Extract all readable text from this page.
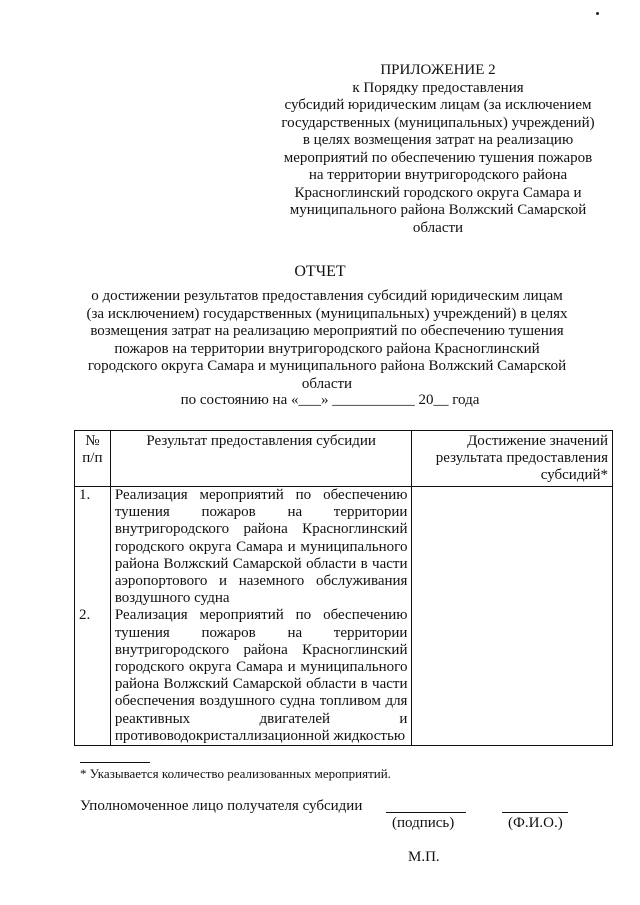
ПРИЛОЖЕНИЕ 2
к Порядку предоставления
субсидий юридическим лицам (за исключением
государственных (муниципальных) учреждений)
в целях возмещения затрат на реализацию
мероприятий по обеспечению тушения пожаров
на территории внутригородского района
Красноглинский городского округа Самара и
муниципального района Волжский Самарской
области
ОТЧЕТ
о достижении результатов предоставления субсидий юридическим лицам
(за исключением) государственных (муниципальных) учреждений) в целях
возмещения затрат на реализацию мероприятий по обеспечению тушения
пожаров на территории внутригородского района Красноглинский
городского округа Самара и муниципального района Волжский Самарской
области
по состоянию на «___» ___________ 20__ года
№ п/п	Результат предоставления субсидии	Достижение значений результата предоставления субсидий*
1.	Реализация мероприятий по обеспечению тушения пожаров на территории внутригородского района Красноглинский городского округа Самара и муниципального района Волжский Самарской области в части аэропортового и наземного обслуживания воздушного судна	
2.	Реализация мероприятий по обеспечению тушения пожаров на территории внутригородского района Красноглинский городского округа Самара и муниципального района Волжский Самарской области в части обеспечения воздушного судна топливом для реактивных двигателей и противоводокристаллизационной жидкостью	
* Указывается количество реализованных мероприятий.
Уполномоченное лицо получателя субсидии
(подпись)	(Ф.И.О.)
М.П.
